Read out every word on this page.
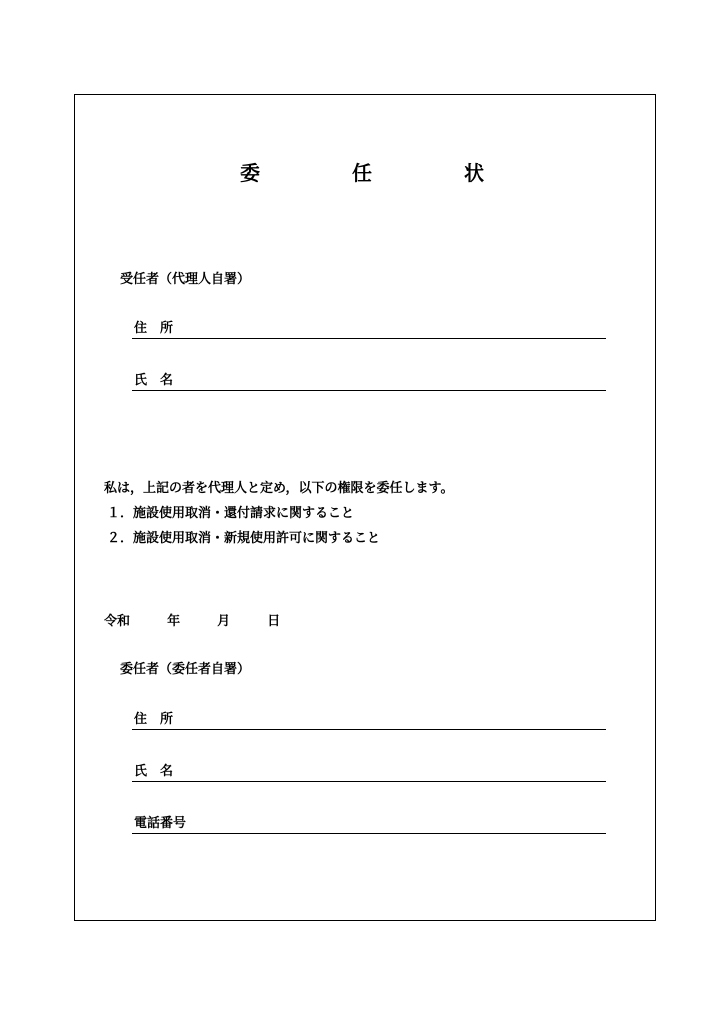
委　任　状
受任者（代理人自署）
住　所
氏　名
私は，上記の者を代理人と定め，以下の権限を委任します。
１．施設使用取消・還付請求に関すること
２．施設使用取消・新規使用許可に関すること
令和	年	月	日
委任者（委任者自署）
住　所
氏　名
電話番号
